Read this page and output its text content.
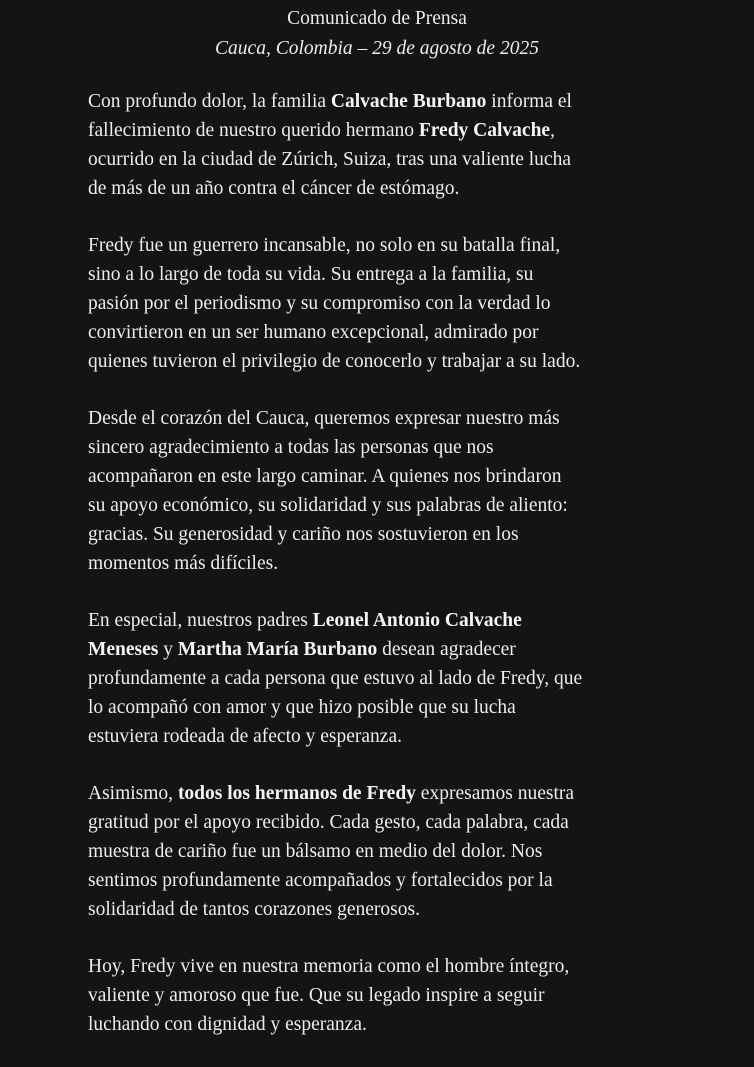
Comunicado de Prensa
Cauca, Colombia – 29 de agosto de 2025

Con profundo dolor, la familia Calvache Burbano informa el
fallecimiento de nuestro querido hermano Fredy Calvache,
ocurrido en la ciudad de Zúrich, Suiza, tras una valiente lucha
de más de un año contra el cáncer de estómago.

Fredy fue un guerrero incansable, no solo en su batalla final,
sino a lo largo de toda su vida. Su entrega a la familia, su
pasión por el periodismo y su compromiso con la verdad lo
convirtieron en un ser humano excepcional, admirado por
quienes tuvieron el privilegio de conocerlo y trabajar a su lado.

Desde el corazón del Cauca, queremos expresar nuestro más
sincero agradecimiento a todas las personas que nos
acompañaron en este largo caminar. A quienes nos brindaron
su apoyo económico, su solidaridad y sus palabras de aliento:
gracias. Su generosidad y cariño nos sostuvieron en los
momentos más difíciles.

En especial, nuestros padres Leonel Antonio Calvache
Meneses y Martha María Burbano desean agradecer
profundamente a cada persona que estuvo al lado de Fredy, que
lo acompañó con amor y que hizo posible que su lucha
estuviera rodeada de afecto y esperanza.

Asimismo, todos los hermanos de Fredy expresamos nuestra
gratitud por el apoyo recibido. Cada gesto, cada palabra, cada
muestra de cariño fue un bálsamo en medio del dolor. Nos
sentimos profundamente acompañados y fortalecidos por la
solidaridad de tantos corazones generosos.

Hoy, Fredy vive en nuestra memoria como el hombre íntegro,
valiente y amoroso que fue. Que su legado inspire a seguir
luchando con dignidad y esperanza.
